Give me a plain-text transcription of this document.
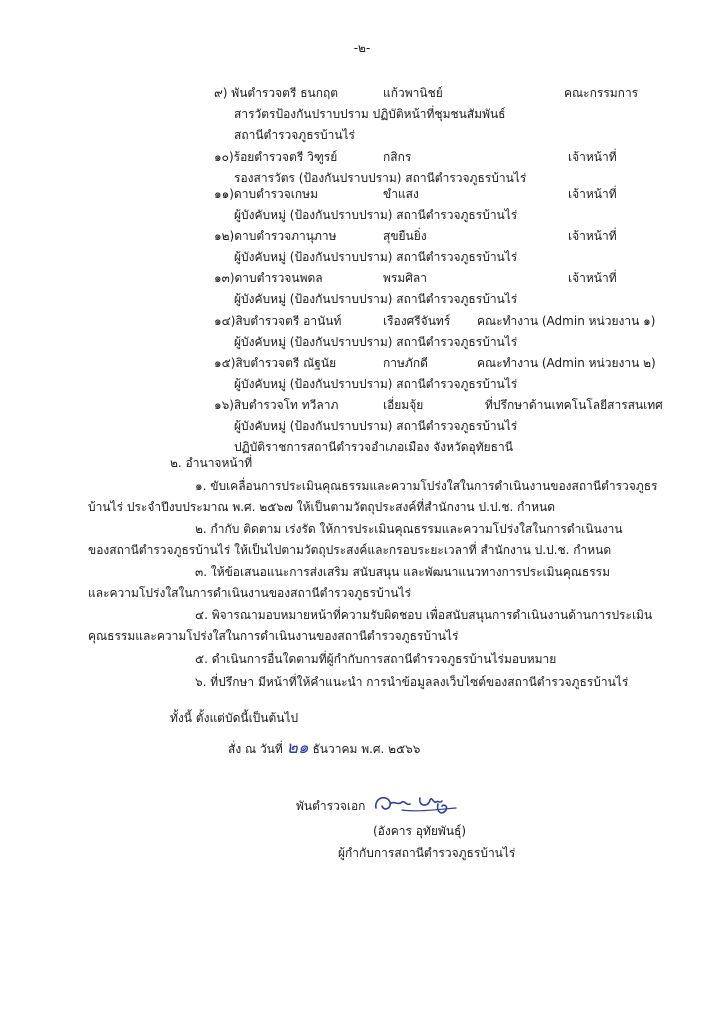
-๒-
๙) พันตำรวจตรี ธนกฤต	แก้วพานิชย์	คณะกรรมการ
สารวัตรป้องกันปราบปราม ปฏิบัติหน้าที่ชุมชนสัมพันธ์
สถานีตำรวจภูธรบ้านไร่
๑๐)ร้อยตำรวจตรี วิฑูรย์	กสิกร	เจ้าหน้าที่
รองสารวัตร (ป้องกันปราบปราม) สถานีตำรวจภูธรบ้านไร่
๑๑)ดาบตำรวจเกษม	ขำแสง	เจ้าหน้าที่
ผู้บังคับหมู่ (ป้องกันปราบปราม) สถานีตำรวจภูธรบ้านไร่
๑๒)ดาบตำรวจภานุภาษ	สุขยืนยิ่ง	เจ้าหน้าที่
ผู้บังคับหมู่ (ป้องกันปราบปราม) สถานีตำรวจภูธรบ้านไร่
๑๓)ดาบตำรวจนพดล	พรมศิลา	เจ้าหน้าที่
ผู้บังคับหมู่ (ป้องกันปราบปราม) สถานีตำรวจภูธรบ้านไร่
๑๔)สิบตำรวจตรี อานันท์	เรืองศรีจันทร์ คณะทำงาน (Admin หน่วยงาน ๑)
ผู้บังคับหมู่ (ป้องกันปราบปราม) สถานีตำรวจภูธรบ้านไร่
๑๕)สิบตำรวจตรี ณัฐนัย	กาษภักดี	คณะทำงาน (Admin หน่วยงาน ๒)
ผู้บังคับหมู่ (ป้องกันปราบปราม) สถานีตำรวจภูธรบ้านไร่
๑๖)สิบตำรวจโท ทวีลาภ	เอี่ยมจุ้ย	ที่ปรึกษาด้านเทคโนโลยีสารสนเทศ
ผู้บังคับหมู่ (ป้องกันปราบปราม) สถานีตำรวจภูธรบ้านไร่
ปฏิบัติราชการสถานีตำรวจอำเภอเมือง จังหวัดอุทัยธานี
๒. อำนาจหน้าที่
๑. ขับเคลื่อนการประเมินคุณธรรมและความโปร่งใสในการดำเนินงานของสถานีตำรวจภูธร
บ้านไร่ ประจำปีงบประมาณ พ.ศ. ๒๕๖๗ ให้เป็นตามวัตถุประสงค์ที่สำนักงาน ป.ป.ช. กำหนด
๒. กำกับ ติดตาม เร่งรัด ให้การประเมินคุณธรรมและความโปร่งใสในการดำเนินงาน
ของสถานีตำรวจภูธรบ้านไร่ ให้เป็นไปตามวัตถุประสงค์และกรอบระยะเวลาที่ สำนักงาน ป.ป.ช. กำหนด
๓. ให้ข้อเสนอแนะการส่งเสริม สนับสนุน และพัฒนาแนวทางการประเมินคุณธรรม
และความโปร่งใสในการดำเนินงานของสถานีตำรวจภูธรบ้านไร่
๔. พิจารณามอบหมายหน้าที่ความรับผิดชอบ เพื่อสนับสนุนการดำเนินงานด้านการประเมิน
คุณธรรมและความโปร่งใสในการดำเนินงานของสถานีตำรวจภูธรบ้านไร่
๕. ดำเนินการอื่นใดตามที่ผู้กำกับการสถานีตำรวจภูธรบ้านไร่มอบหมาย
๖. ที่ปรึกษา มีหน้าที่ให้คำแนะนำ การนำข้อมูลลงเว็บไซต์ของสถานีตำรวจภูธรบ้านไร่
ทั้งนี้ ตั้งแต่บัดนี้เป็นต้นไป
สั่ง ณ วันที่ ๒๑ ธันวาคม พ.ศ. ๒๕๖๖
พันตำรวจเอก
(อังคาร อุทัยพันธุ์)
ผู้กำกับการสถานีตำรวจภูธรบ้านไร่
